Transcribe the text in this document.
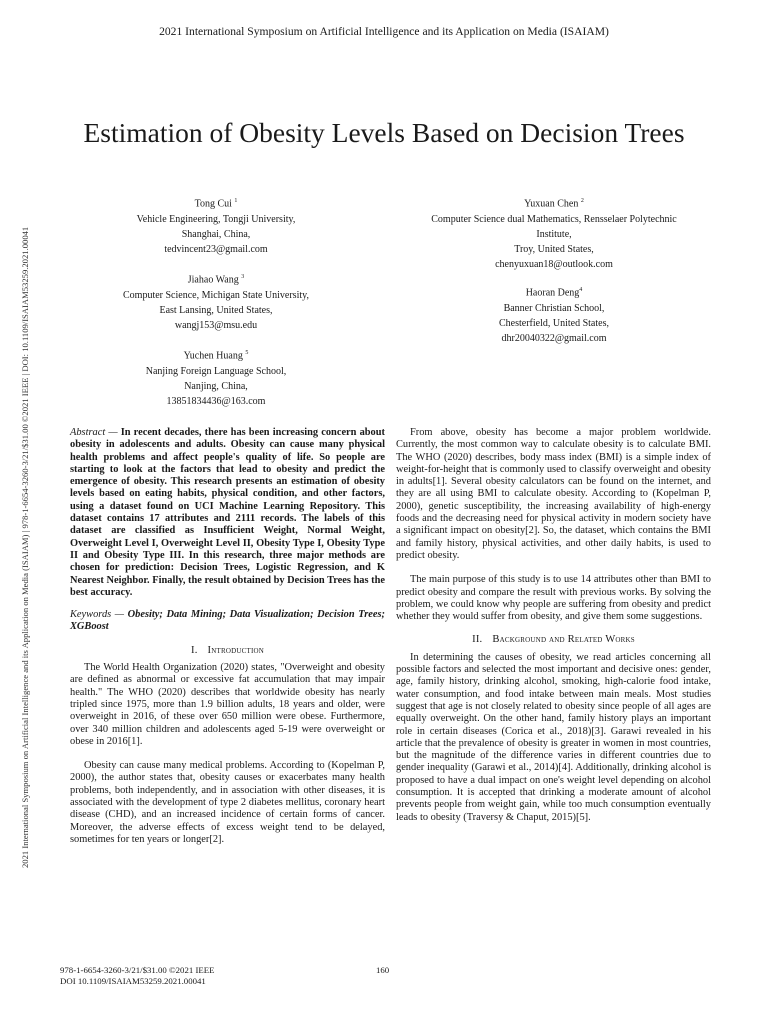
2021 International Symposium on Artificial Intelligence and its Application on Media (ISAIAM)
2021 International Symposium on Artificial Intelligence and its Application on Media (ISAIAM) | 978-1-6654-3260-3/21/$31.00 ©2021 IEEE | DOI: 10.1109/ISAIAM53259.2021.00041
Estimation of Obesity Levels Based on Decision Trees
Tong Cui $^1$
Vehicle Engineering, Tongji University,
Shanghai, China,
tedvincent23@gmail.com
Yuxuan Chen $^2$
Computer Science dual Mathematics, Rensselaer Polytechnic
Institute,
Troy, United States,
chenyuxuan18@outlook.com
Jiahao Wang $^3$
Computer Science, Michigan State University,
East Lansing, United States,
wangj153@msu.edu
Haoran Deng$^4$
Banner Christian School,
Chesterfield, United States,
dhr20040322@gmail.com
Yuchen Huang $^5$
Nanjing Foreign Language School,
Nanjing, China,
13851834436@163.com

Abstract — In recent decades, there has been increasing concern about obesity in adolescents and adults. Obesity can cause many physical health problems and affect people's quality of life. So people are starting to look at the factors that lead to obesity and predict the emergence of obesity. This research presents an estimation of obesity levels based on eating habits, physical condition, and other factors, using a dataset found on UCI Machine Learning Repository. This dataset contains 17 attributes and 2111 records. The labels of this dataset are classified as Insufficient Weight, Normal Weight, Overweight Level I, Overweight Level II, Obesity Type I, Obesity Type II and Obesity Type III. In this research, three major methods are chosen for prediction: Decision Trees, Logistic Regression, and K Nearest Neighbor. Finally, the result obtained by Decision Trees has the best accuracy.

Keywords — Obesity; Data Mining; Data Visualization; Decision Trees; XGBoost

I. Introduction

The World Health Organization (2020) states, "Overweight and obesity are defined as abnormal or excessive fat accumulation that may impair health." The WHO (2020) describes that worldwide obesity has nearly tripled since 1975, more than 1.9 billion adults, 18 years and older, were overweight in 2016, of these over 650 million were obese. Furthermore, over 340 million children and adolescents aged 5-19 were overweight or obese in 2016[1].

Obesity can cause many medical problems. According to (Kopelman P, 2000), the author states that, obesity causes or exacerbates many health problems, both independently, and in association with other diseases, it is associated with the development of type 2 diabetes mellitus, coronary heart disease (CHD), and an increased incidence of certain forms of cancer. Moreover, the adverse effects of excess weight tend to be delayed, sometimes for ten years or longer[2].

From above, obesity has become a major problem worldwide. Currently, the most common way to calculate obesity is to calculate BMI. The WHO (2020) describes, body mass index (BMI) is a simple index of weight-for-height that is commonly used to classify overweight and obesity in adults[1]. Several obesity calculators can be found on the internet, and they are all using BMI to calculate obesity. According to (Kopelman P, 2000), genetic susceptibility, the increasing availability of high-energy foods and the decreasing need for physical activity in modern society have a significant impact on obesity[2]. So, the dataset, which contains the BMI and family history, physical activities, and other daily habits, is used to predict obesity.

The main purpose of this study is to use 14 attributes other than BMI to predict obesity and compare the result with previous works. By solving the problem, we could know why people are suffering from obesity and predict whether they would suffer from obesity, and give them some suggestions.

II. Background and Related Works

In determining the causes of obesity, we read articles concerning all possible factors and selected the most important and decisive ones: gender, age, family history, drinking alcohol, smoking, high-calorie food intake, water consumption, and food intake between main meals. Most studies suggest that age is not closely related to obesity since people of all ages are equally overweight. On the other hand, family history plays an important role in certain diseases (Corica et al., 2018)[3]. Garawi revealed in his article that the prevalence of obesity is greater in women in most countries, but the magnitude of the difference varies in different countries due to gender inequality (Garawi et al., 2014)[4]. Additionally, drinking alcohol is proposed to have a dual impact on one's weight level depending on alcohol consumption. It is accepted that drinking a moderate amount of alcohol prevents people from weight gain, while too much consumption eventually leads to obesity (Traversy & Chaput, 2015)[5].

978-1-6654-3260-3/21/$31.00 ©2021 IEEE
DOI 10.1109/ISAIAM53259.2021.00041
160
